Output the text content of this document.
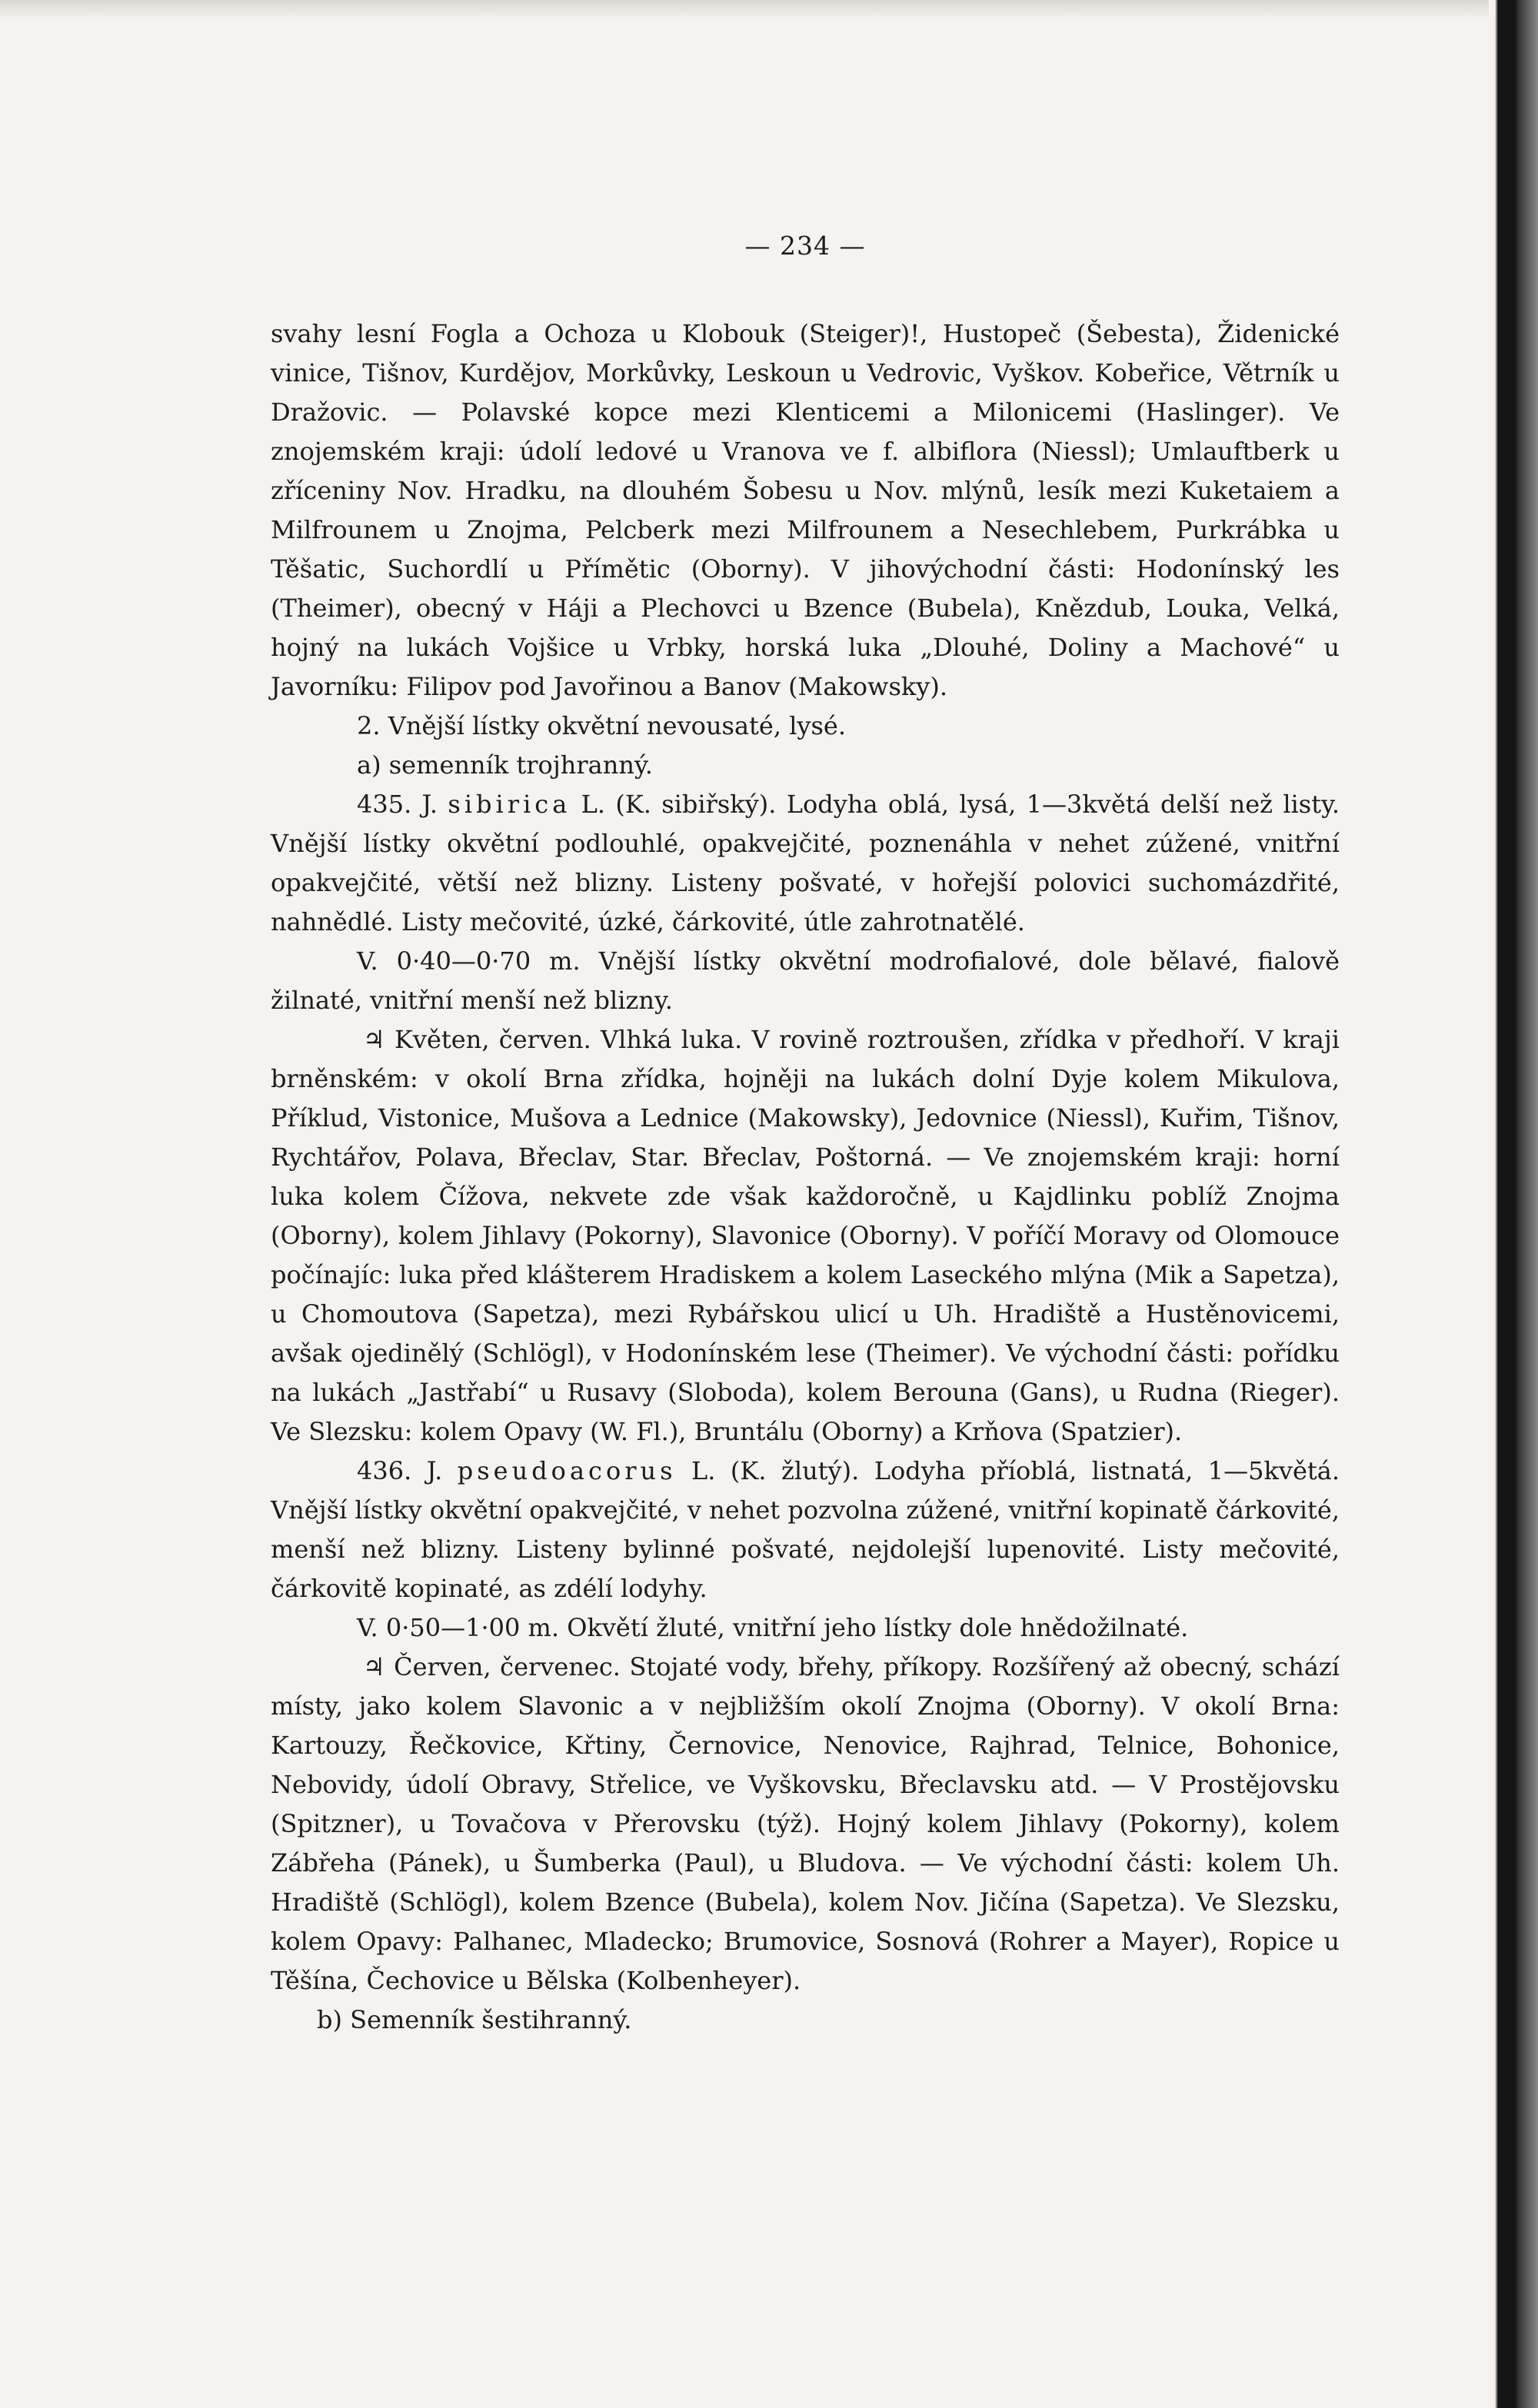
— 234 —

svahy lesní Fogla a Ochoza u Klobouk (Steiger)!, Hustopeč (Šebesta), Židenické vinice, Tišnov, Kurdějov, Morkůvky, Leskoun u Vedrovic, Vyškov. Kobeřice, Větrník u Dražovic. — Polavské kopce mezi Klenticemi a Milonicemi (Haslinger). Ve znojemském kraji: údolí ledové u Vranova ve f. albiflora (Niessl); Umlauftberk u zříceniny Nov. Hradku, na dlouhém Šobesu u Nov. mlýnů, lesík mezi Kuketaiem a Milfrounem u Znojma, Pelcberk mezi Milfrounem a Nesechlebem, Purkrábka u Těšatic, Suchordlí u Přímětic (Oborny). V jihovýchodní části: Hodonínský les (Theimer), obecný v Háji a Plechovci u Bzence (Bubela), Knězdub, Louka, Velká, hojný na lukách Vojšice u Vrbky, horská luka „Dlouhé, Doliny a Machové“ u Javorníku: Filipov pod Javořinou a Banov (Makowsky).

2. Vnější lístky okvětní nevousaté, lysé.

a) semenník trojhranný.

435. J. sibirica L. (K. sibiřský). Lodyha oblá, lysá, 1—3květá delší než listy. Vnější lístky okvětní podlouhlé, opakvejčité, poznenáhla v nehet zúžené, vnitřní opakvejčité, větší než blizny. Listeny pošvaté, v hořejší polovici suchomázdřité, nahnědlé. Listy mečovité, úzké, čárkovité, útle zahrotnatělé.

V. 0·40—0·70 m. Vnější lístky okvětní modrofialové, dole bělavé, fialově žilnaté, vnitřní menší než blizny.

♃ Květen, červen. Vlhká luka. V rovině roztroušen, zřídka v předhoří. V kraji brněnském: v okolí Brna zřídka, hojněji na lukách dolní Dyje kolem Mikulova, Příklud, Vistonice, Mušova a Lednice (Makowsky), Jedovnice (Niessl), Kuřim, Tišnov, Rychtářov, Polava, Břeclav, Star. Břeclav, Poštorná. — Ve znojemském kraji: horní luka kolem Čížova, nekvete zde však každoročně, u Kajdlinku poblíž Znojma (Oborny), kolem Jihlavy (Pokorny), Slavonice (Oborny). V poříčí Moravy od Olomouce počínajíc: luka před klášterem Hradiskem a kolem Laseckého mlýna (Mik a Sapetza), u Chomoutova (Sapetza), mezi Rybářskou ulicí u Uh. Hradiště a Hustěnovicemi, avšak ojedinělý (Schlögl), v Hodonínském lese (Theimer). Ve východní části: pořídku na lukách „Jastřabí“ u Rusavy (Sloboda), kolem Berouna (Gans), u Rudna (Rieger). Ve Slezsku: kolem Opavy (W. Fl.), Bruntálu (Oborny) a Krňova (Spatzier).

436. J. pseudoacorus L. (K. žlutý). Lodyha příoblá, listnatá, 1—5květá. Vnější lístky okvětní opakvejčité, v nehet pozvolna zúžené, vnitřní kopinatě čárkovité, menší než blizny. Listeny bylinné pošvaté, nejdolejší lupenovité. Listy mečovité, čárkovitě kopinaté, as zdélí lodyhy.

V. 0·50—1·00 m. Okvětí žluté, vnitřní jeho lístky dole hnědožilnaté.

♃ Červen, červenec. Stojaté vody, břehy, příkopy. Rozšířený až obecný, schází místy, jako kolem Slavonic a v nejbližším okolí Znojma (Oborny). V okolí Brna: Kartouzy, Řečkovice, Křtiny, Černovice, Nenovice, Rajhrad, Telnice, Bohonice, Nebovidy, údolí Obravy, Střelice, ve Vyškovsku, Břeclavsku atd. — V Prostějovsku (Spitzner), u Tovačova v Přerovsku (týž). Hojný kolem Jihlavy (Pokorny), kolem Zábřeha (Pánek), u Šumberka (Paul), u Bludova. — Ve východní části: kolem Uh. Hradiště (Schlögl), kolem Bzence (Bubela), kolem Nov. Jičína (Sapetza). Ve Slezsku, kolem Opavy: Palhanec, Mladecko; Brumovice, Sosnová (Rohrer a Mayer), Ropice u Těšína, Čechovice u Bělska (Kolbenheyer).

b) Semenník šestihranný.
